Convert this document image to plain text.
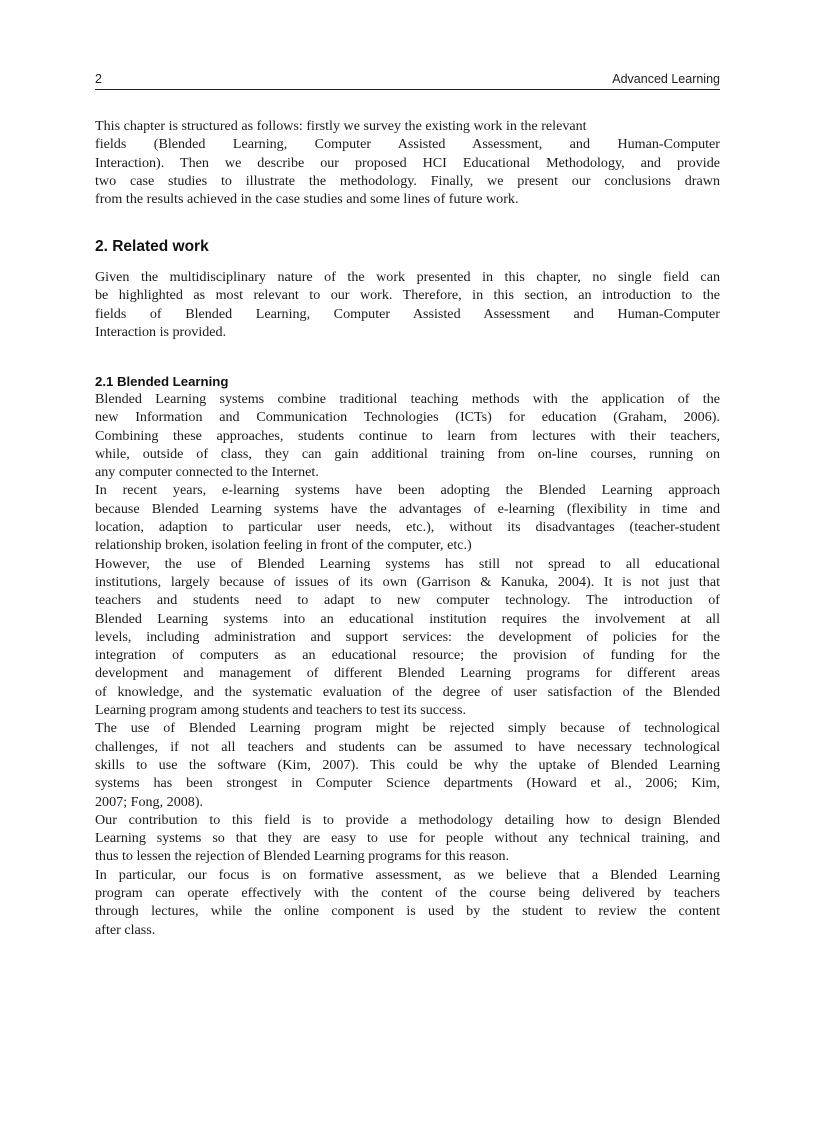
2	Advanced Learning
This chapter is structured as follows: firstly we survey the existing work in the relevant
fields (Blended Learning, Computer Assisted Assessment, and Human-Computer
Interaction). Then we describe our proposed HCI Educational Methodology, and provide
two case studies to illustrate the methodology. Finally, we present our conclusions drawn
from the results achieved in the case studies and some lines of future work.
2. Related work
Given the multidisciplinary nature of the work presented in this chapter, no single field can
be highlighted as most relevant to our work. Therefore, in this section, an introduction to the
fields of Blended Learning, Computer Assisted Assessment and Human-Computer
Interaction is provided.
2.1 Blended Learning
Blended Learning systems combine traditional teaching methods with the application of the
new Information and Communication Technologies (ICTs) for education (Graham, 2006).
Combining these approaches, students continue to learn from lectures with their teachers,
while, outside of class, they can gain additional training from on-line courses, running on
any computer connected to the Internet.
In recent years, e-learning systems have been adopting the Blended Learning approach
because Blended Learning systems have the advantages of e-learning (flexibility in time and
location, adaption to particular user needs, etc.), without its disadvantages (teacher-student
relationship broken, isolation feeling in front of the computer, etc.)
However, the use of Blended Learning systems has still not spread to all educational
institutions, largely because of issues of its own (Garrison & Kanuka, 2004). It is not just that
teachers and students need to adapt to new computer technology. The introduction of
Blended Learning systems into an educational institution requires the involvement at all
levels, including administration and support services: the development of policies for the
integration of computers as an educational resource; the provision of funding for the
development and management of different Blended Learning programs for different areas
of knowledge, and the systematic evaluation of the degree of user satisfaction of the Blended
Learning program among students and teachers to test its success.
The use of Blended Learning program might be rejected simply because of technological
challenges, if not all teachers and students can be assumed to have necessary technological
skills to use the software (Kim, 2007). This could be why the uptake of Blended Learning
systems has been strongest in Computer Science departments (Howard et al., 2006; Kim,
2007; Fong, 2008).
Our contribution to this field is to provide a methodology detailing how to design Blended
Learning systems so that they are easy to use for people without any technical training, and
thus to lessen the rejection of Blended Learning programs for this reason.
In particular, our focus is on formative assessment, as we believe that a Blended Learning
program can operate effectively with the content of the course being delivered by teachers
through lectures, while the online component is used by the student to review the content
after class.
